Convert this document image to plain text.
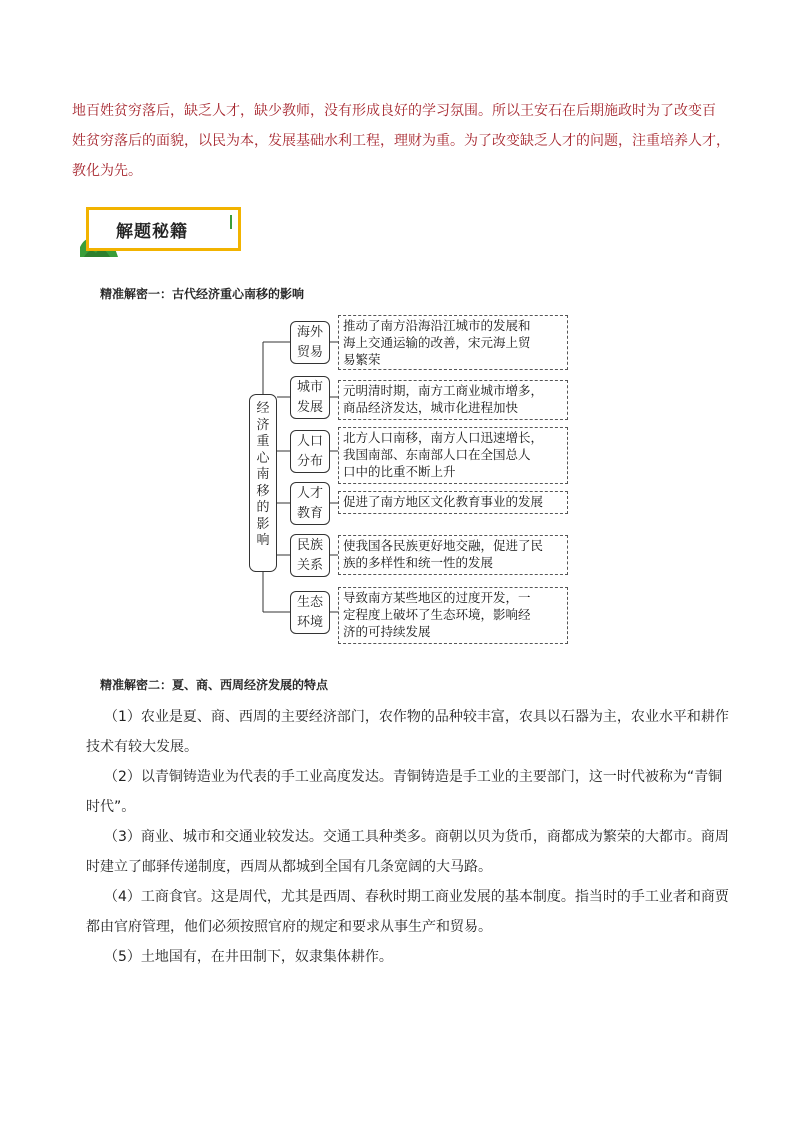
地百姓贫穷落后，缺乏人才，缺少教师，没有形成良好的学习氛围。所以王安石在后期施政时为了改变百
姓贫穷落后的面貌，以民为本，发展基础水利工程，理财为重。为了改变缺乏人才的问题，注重培养人才，
教化为先。
解题秘籍
精准解密一：古代经济重心南移的影响
经
济
重
心
南
移
的
影
响
海外
贸易
推动了南方沿海沿江城市的发展和
海上交通运输的改善，宋元海上贸
易繁荣
城市
发展
元明清时期，南方工商业城市增多，
商品经济发达，城市化进程加快
人口
分布
北方人口南移，南方人口迅速增长，
我国南部、东南部人口在全国总人
口中的比重不断上升
人才
教育
促进了南方地区文化教育事业的发展
民族
关系
使我国各民族更好地交融，促进了民
族的多样性和统一性的发展
生态
环境
导致南方某些地区的过度开发，一
定程度上破坏了生态环境，影响经
济的可持续发展
精准解密二：夏、商、西周经济发展的特点
（1）农业是夏、商、西周的主要经济部门，农作物的品种较丰富，农具以石器为主，农业水平和耕作
技术有较大发展。
（2）以青铜铸造业为代表的手工业高度发达。青铜铸造是手工业的主要部门，这一时代被称为“青铜
时代”。
（3）商业、城市和交通业较发达。交通工具种类多。商朝以贝为货币，商都成为繁荣的大都市。商周
时建立了邮驿传递制度，西周从都城到全国有几条宽阔的大马路。
（4）工商食官。这是周代，尤其是西周、春秋时期工商业发展的基本制度。指当时的手工业者和商贾
都由官府管理，他们必须按照官府的规定和要求从事生产和贸易。
（5）土地国有，在井田制下，奴隶集体耕作。
